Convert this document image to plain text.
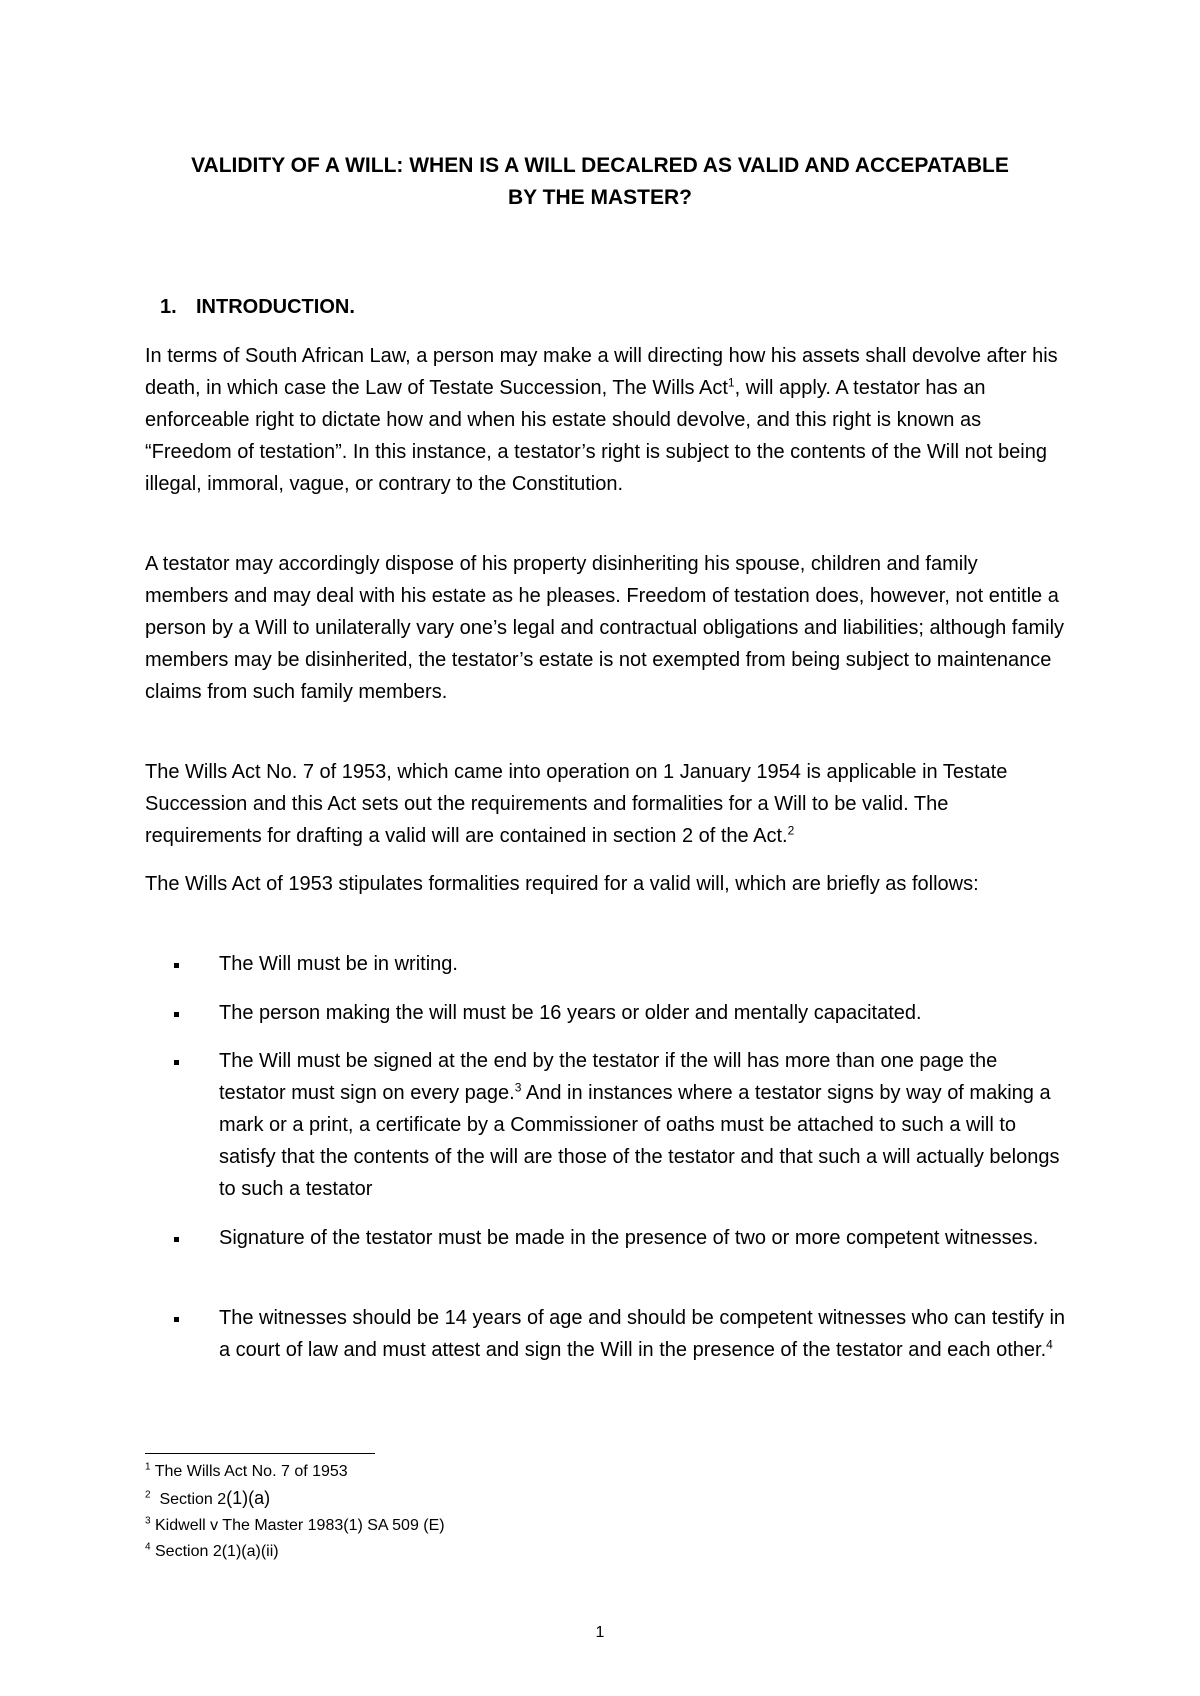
VALIDITY OF A WILL: WHEN IS A WILL DECALRED AS VALID AND ACCEPATABLE
BY THE MASTER?
1. INTRODUCTION.

In terms of South African Law, a person may make a will directing how his assets shall devolve after his death, in which case the Law of Testate Succession, The Wills Act$^1$, will apply. A testator has an enforceable right to dictate how and when his estate should devolve, and this right is known as “Freedom of testation”. In this instance, a testator’s right is subject to the contents of the Will not being illegal, immoral, vague, or contrary to the Constitution.

A testator may accordingly dispose of his property disinheriting his spouse, children and family members and may deal with his estate as he pleases. Freedom of testation does, however, not entitle a person by a Will to unilaterally vary one’s legal and contractual obligations and liabilities; although family members may be disinherited, the testator’s estate is not exempted from being subject to maintenance claims from such family members.

The Wills Act No. 7 of 1953, which came into operation on 1 January 1954 is applicable in Testate Succession and this Act sets out the requirements and formalities for a Will to be valid. The requirements for drafting a valid will are contained in section 2 of the Act.$^2$

The Wills Act of 1953 stipulates formalities required for a valid will, which are briefly as follows:

The Will must be in writing.
The person making the will must be 16 years or older and mentally capacitated.
The Will must be signed at the end by the testator if the will has more than one page the testator must sign on every page.$^3$ And in instances where a testator signs by way of making a mark or a print, a certificate by a Commissioner of oaths must be attached to such a will to satisfy that the contents of the will are those of the testator and that such a will actually belongs to such a testator
Signature of the testator must be made in the presence of two or more competent witnesses.
The witnesses should be 14 years of age and should be competent witnesses who can testify in a court of law and must attest and sign the Will in the presence of the testator and each other.$^4$
$^1$ The Wills Act No. 7 of 1953
$^2$  Section 2(1)(a)
$^3$ Kidwell v The Master 1983(1) SA 509 (E)
$^4$ Section 2(1)(a)(ii)
1
